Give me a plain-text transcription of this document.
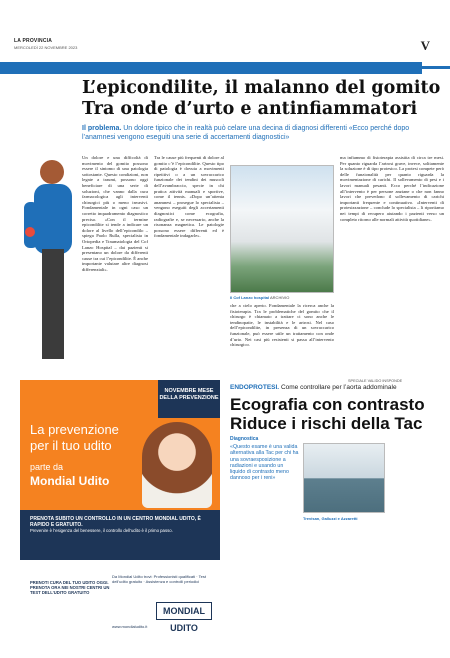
LA PROVINCIA
MERCOLEDÌ 22 NOVEMBRE 2023	V
L’epicondilite, il malanno del gomito Tra onde d’urto e antinfiammatori
Il problema. Un dolore tipico che in realtà può celare una decina di diagnosi differenti «Ecco perché dopo l’anamnesi vengono eseguiti una serie di accertamenti diagnostici»
Un dolore e una difficoltà di movimento del gomito possono essere il sintomo di una patologia sottostante. Questo condizioni, non legate a traumi, possono oggi beneficiare di una serie di soluzioni, che vanno dalla cura farmacologica agli interventi chirurgici più o meno invasivi. Fondamentale in ogni caso un corretto inquadramento diagnostico preciso. «Con il termine epicondilite si tende a indicare un dolore al livello dell’epicondilo – spiega Paolo Rulla, specialista in Ortopedia e Traumatologia del Cof Lanzo Hospital – dai pazienti si presentano un dolore da differenti cause tra cui l’epicondilite. È anche importante valutare altre diagnosi differenziali».
Tra le cause più frequenti di dolore al gomito c’è l’epicondilite. Questo tipo di patologia è dovuta a movimenti ripetitivi o a un sovraccarico funzionale dei tendini dei muscoli dell’avambraccio, specie in chi pratica attività manuali e sportive, come il tennis. «Dopo un’attenta anamnesi – prosegue lo specialista – vengono eseguiti degli accertamenti diagnostici come ecografia, radiografie e, se necessario, anche la risonanza magnetica. Le patologie possono essere differenti ed è fondamentale indagarle».
Il Cof Lanzo hospital ARCHIVIO
che a cielo aperto. Fondamentale la ricerca anche la fisioterapia. Tra le problematiche del gomito che il chirurgo è chiamato a trattare ci sono anche le tendinopatie, le instabilità e le artrosi. Nel caso dell’epicondilite, in presenza di un sovraccarico funzionale, può essere utile un trattamento con onde d’urto. Nei casi più resistenti si passa all’intervento chirurgico.
ma infiammo di fisioterapia assistita di circa tre mesi. Per quanto riguarda l’artrosi grave, invece, solitamente la soluzione è di tipo protesico. La protesi compete però delle funzionalità per quanto riguarda la movimentazione di carichi. Il sollevamento di pesi e i lavori manuali pesanti. Ecco perché l’indicazione all’intervento è per persone anziane o che non fanno lavori che prevedono il sollevamento di carichi importanti frequente e continuativo. «Interventi di protesizzazione – conclude lo specialista – li riportiamo nei tempi di recupero aiutando i pazienti verso un completo ritorno alle normali attività quotidiane».
NOVEMBRE MESE DELLA PREVENZIONE
La prevenzione
per il tuo udito
parte da
Mondial Udito
PRENOTA SUBITO UN CONTROLLO IN UN CENTRO MONDIAL UDITO, È RAPIDO E GRATUITO.
Prevenire è l’esigenza del benessere, il controllo dell’udito è il primo passo.
PRENOTI CURA DEL TUO UDITO OGGI. PRENOTA ORA NEI NOSTRI CENTRI UN TEST DELL’UDITO GRATUITO
Da Mondial Udito trovi: Professionisti qualificati · Test dell’udito gratuito · Assistenza e controlli periodici
MONDIAL UDITO
www.mondialudito.it
SPECIALE VALIDO INSPONDE
ENDOPROTESI. Come controllare per l’aorta addominale
Ecografia con contrasto Riduce i rischi della Tac
Diagnostica
«Questo esame è una valida alternativa alla Tac per chi ha una sovraesposizione a radiazioni e usando un liquido di contrasto meno dannoso per i reni»
Trevisan, Galluzzi e Azzaretti
